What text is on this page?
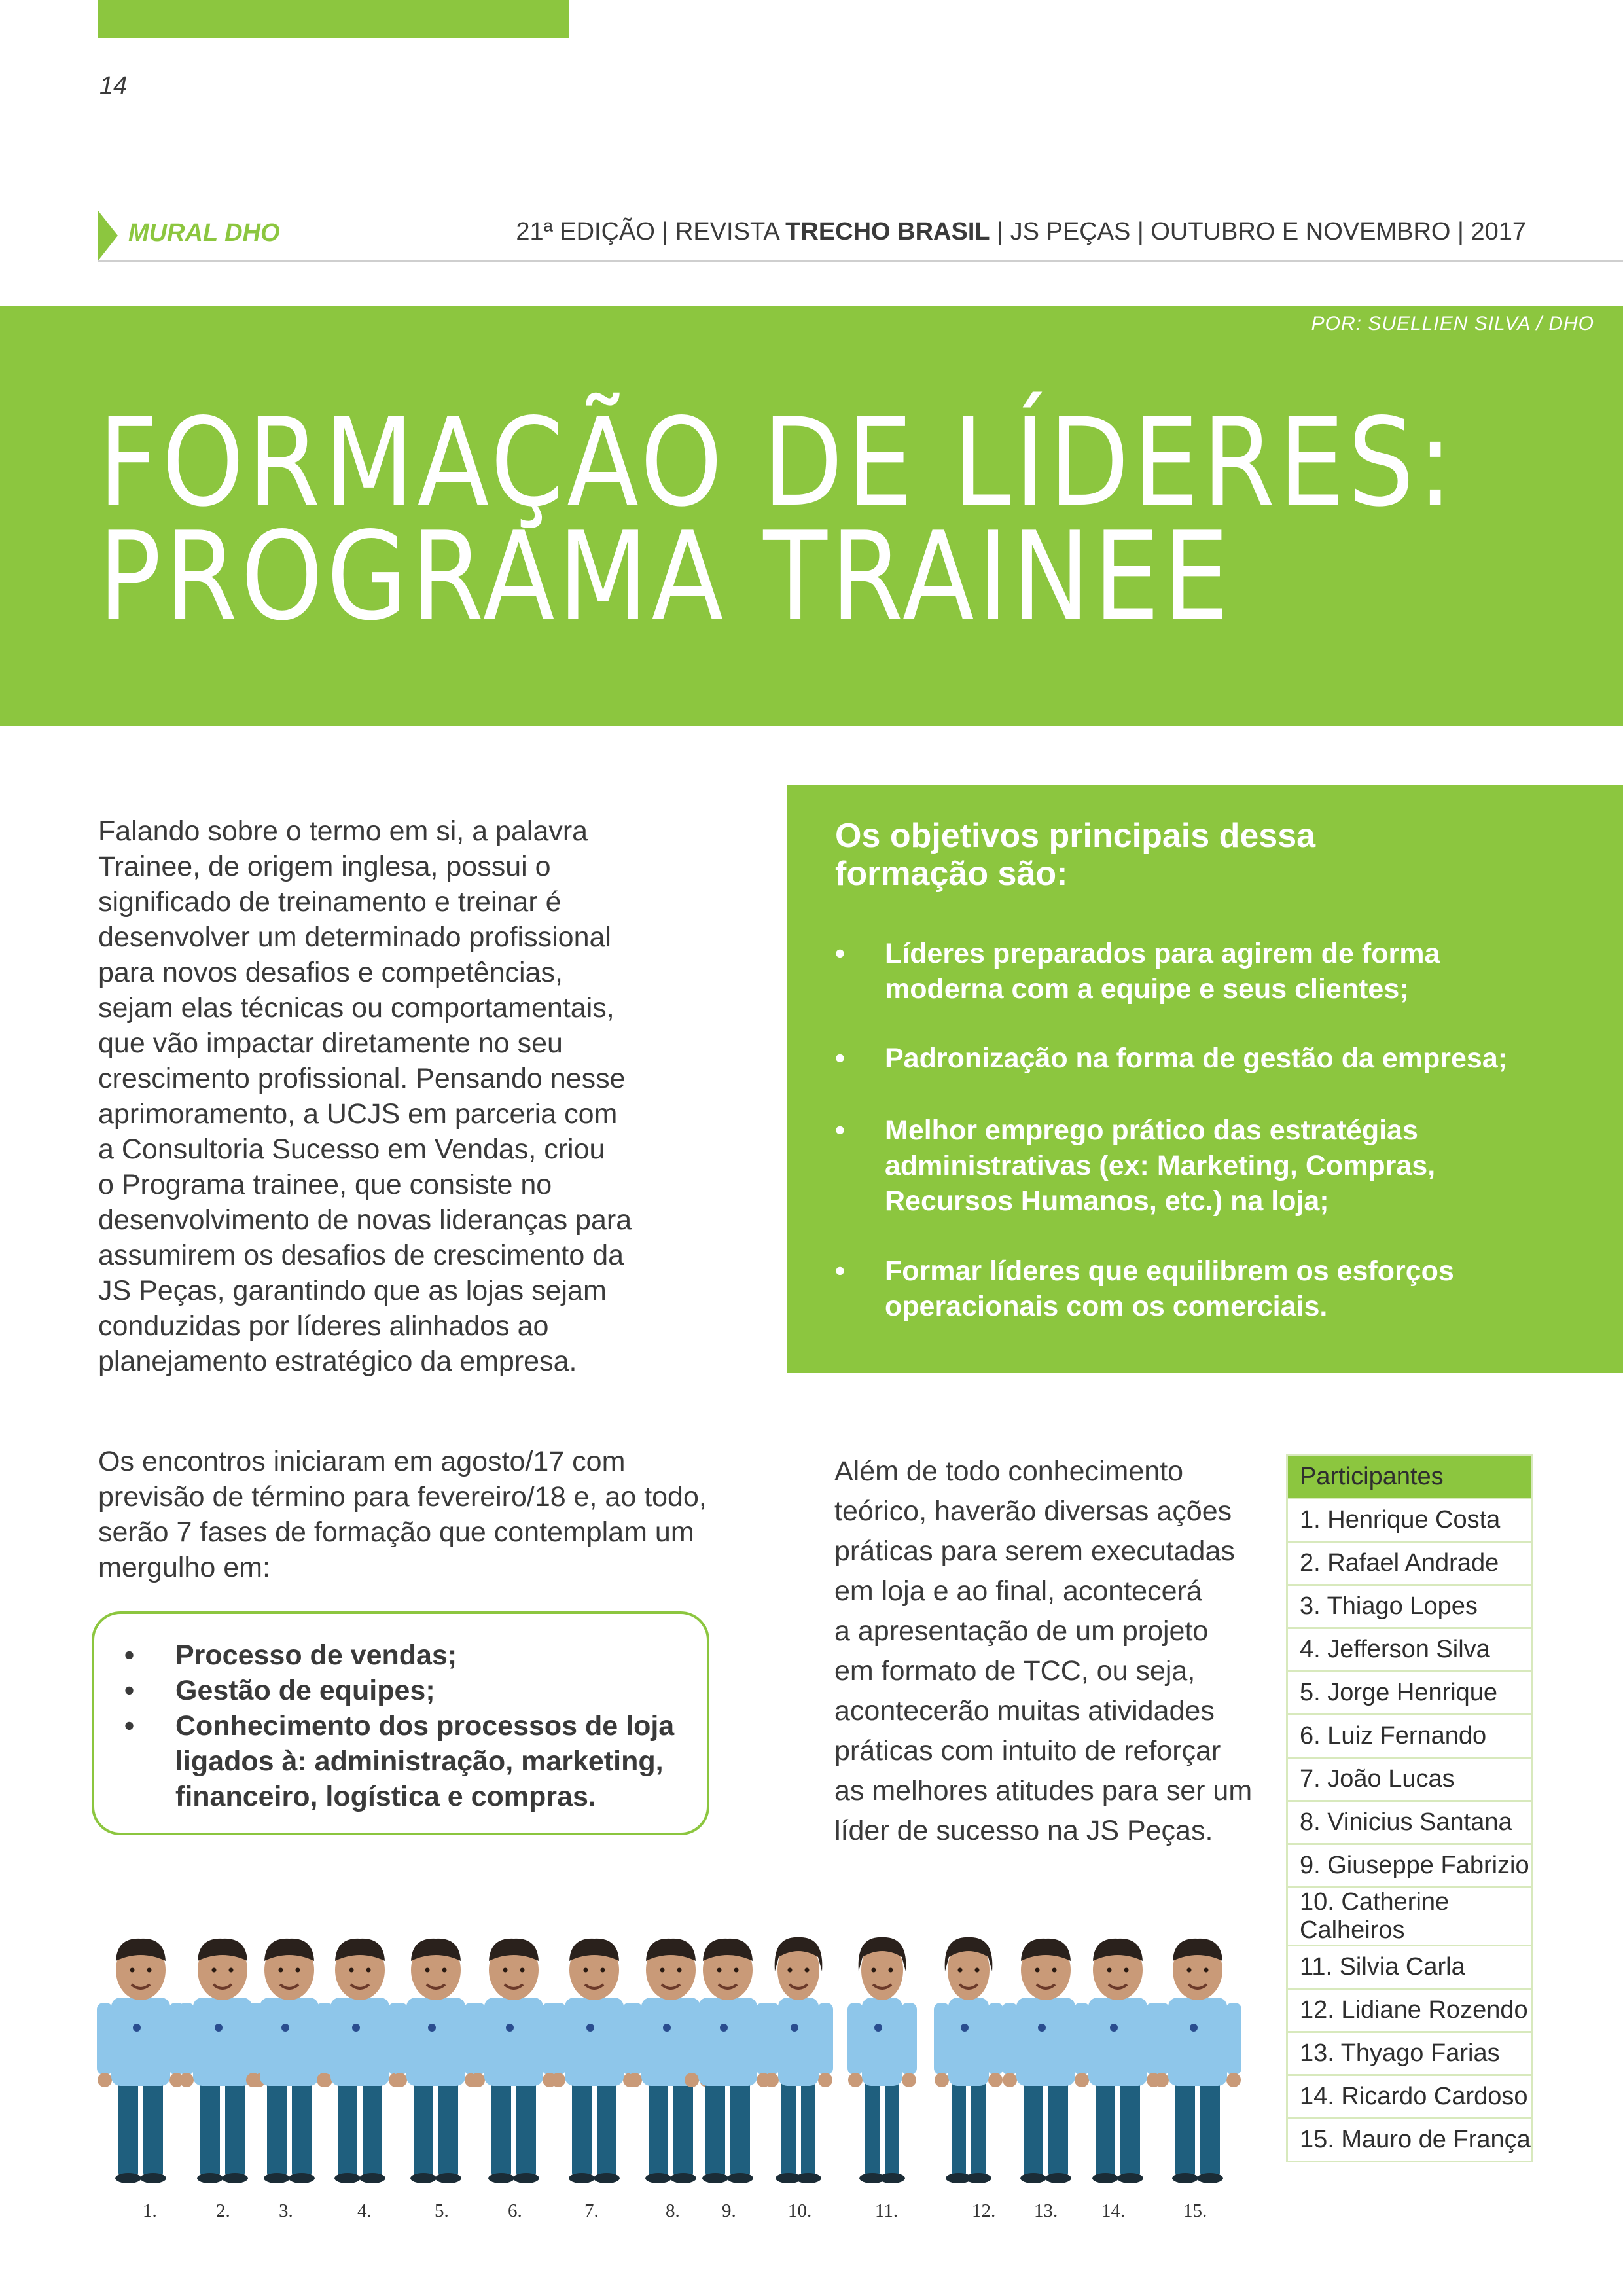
14
MURAL DHO	21ª EDIÇÃO | REVISTA TRECHO BRASIL | JS PEÇAS | OUTUBRO E NOVEMBRO | 2017
POR: SUELLIEN SILVA / DHO
FORMAÇÃO DE LÍDERES:
PROGRAMA TRAINEE
Falando sobre o termo em si, a palavra
Trainee, de origem inglesa, possui o
significado de treinamento e treinar é
desenvolver um determinado profissional
para novos desafios e competências,
sejam elas técnicas ou comportamentais,
que vão impactar diretamente no seu
crescimento profissional. Pensando nesse
aprimoramento, a UCJS em parceria com
a Consultoria Sucesso em Vendas, criou
o Programa trainee, que consiste no
desenvolvimento de novas lideranças para
assumirem os desafios de crescimento da
JS Peças, garantindo que as lojas sejam
conduzidas por líderes alinhados ao
planejamento estratégico da empresa.
Os objetivos principais dessa
formação são:
• Líderes preparados para agirem de forma
moderna com a equipe e seus clientes;
• Padronização na forma de gestão da empresa;
• Melhor emprego prático das estratégias
administrativas (ex: Marketing, Compras,
Recursos Humanos, etc.) na loja;
• Formar líderes que equilibrem os esforços
operacionais com os comerciais.
Os encontros iniciaram em agosto/17 com
previsão de término para fevereiro/18 e, ao todo,
serão 7 fases de formação que contemplam um
mergulho em:
• Processo de vendas;
• Gestão de equipes;
• Conhecimento dos processos de loja
ligados à: administração, marketing,
financeiro, logística e compras.
Além de todo conhecimento
teórico, haverão diversas ações
práticas para serem executadas
em loja e ao final, acontecerá
a apresentação de um projeto
em formato de TCC, ou seja,
acontecerão muitas atividades
práticas com intuito de reforçar
as melhores atitudes para ser um
líder de sucesso na JS Peças.
Participantes
1. Henrique Costa
2. Rafael Andrade
3. Thiago Lopes
4. Jefferson Silva
5. Jorge Henrique
6. Luiz Fernando
7. João Lucas
8. Vinicius Santana
9. Giuseppe Fabrizio
10. Catherine Calheiros
11. Silvia Carla
12. Lidiane Rozendo
13. Thyago Farias
14. Ricardo Cardoso
15. Mauro de França
1.	2.	3.	4.	5.	6.	7.	8. 9.	10.	11.	12. 13. 14.	15.
